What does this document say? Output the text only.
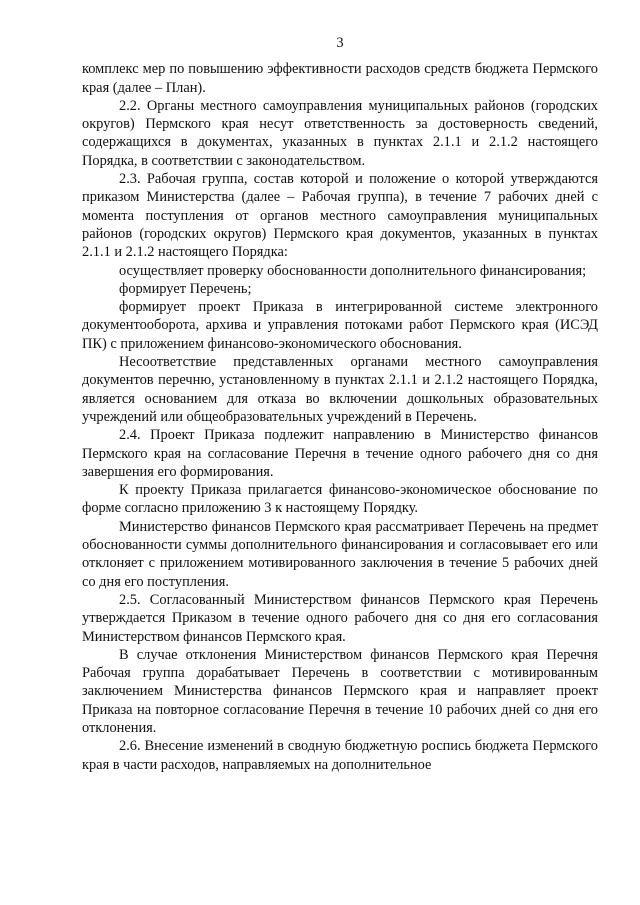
3

комплекс мер по повышению эффективности расходов средств бюджета Пермского края (далее – План).

2.2. Органы местного самоуправления муниципальных районов (городских округов) Пермского края несут ответственность за достоверность сведений, содержащихся в документах, указанных в пунктах 2.1.1 и 2.1.2 настоящего Порядка, в соответствии с законодательством.

2.3. Рабочая группа, состав которой и положение о которой утверждаются приказом Министерства (далее – Рабочая группа), в течение 7 рабочих дней с момента поступления от органов местного самоуправления муниципальных районов (городских округов) Пермского края документов, указанных в пунктах 2.1.1 и 2.1.2 настоящего Порядка:

осуществляет проверку обоснованности дополнительного финансирования;

формирует Перечень;

формирует проект Приказа в интегрированной системе электронного документооборота, архива и управления потоками работ Пермского края (ИСЭД ПК) с приложением финансово-экономического обоснования.

Несоответствие представленных органами местного самоуправления документов перечню, установленному в пунктах 2.1.1 и 2.1.2 настоящего Порядка, является основанием для отказа во включении дошкольных образовательных учреждений или общеобразовательных учреждений в Перечень.

2.4. Проект Приказа подлежит направлению в Министерство финансов Пермского края на согласование Перечня в течение одного рабочего дня со дня завершения его формирования.

К проекту Приказа прилагается финансово-экономическое обоснование по форме согласно приложению 3 к настоящему Порядку.

Министерство финансов Пермского края рассматривает Перечень на предмет обоснованности суммы дополнительного финансирования и согласовывает его или отклоняет с приложением мотивированного заключения в течение 5 рабочих дней со дня его поступления.

2.5. Согласованный Министерством финансов Пермского края Перечень утверждается Приказом в течение одного рабочего дня со дня его согласования Министерством финансов Пермского края.

В случае отклонения Министерством финансов Пермского края Перечня Рабочая группа дорабатывает Перечень в соответствии с мотивированным заключением Министерства финансов Пермского края и направляет проект Приказа на повторное согласование Перечня в течение 10 рабочих дней со дня его отклонения.

2.6. Внесение изменений в сводную бюджетную роспись бюджета Пермского края в части расходов, направляемых на дополнительное
